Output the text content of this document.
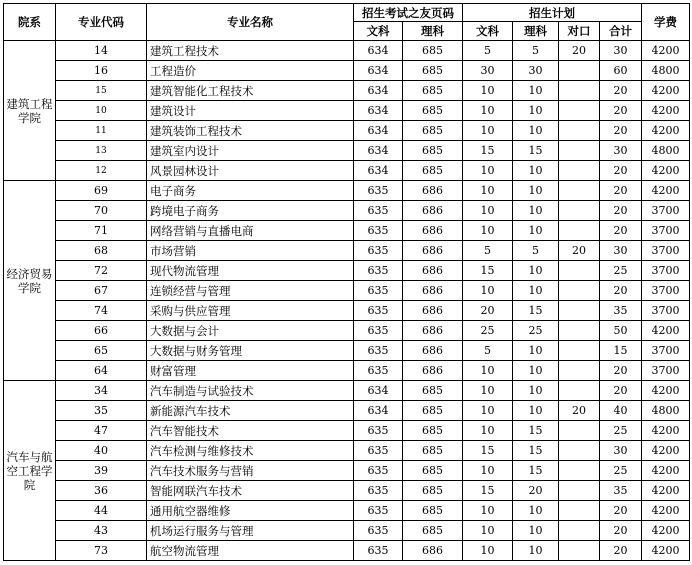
院系	专业代码	专业名称	招生考试之友页码		招生计划				学费
			文科	理科	文科	理科	对口	合计	
建筑工程学院	14	建筑工程技术	634	685	5	5	20	30	4200
	16	工程造价	634	685	30	30		60	4800
	15	建筑智能化工程技术	634	685	10	10		20	4200
	10	建筑设计	634	685	10	10		20	4200
	11	建筑装饰工程技术	634	685	10	10		20	4200
	13	建筑室内设计	634	685	15	15		30	4800
	12	风景园林设计	634	685	10	10		20	4200
经济贸易学院	69	电子商务	635	686	10	10		20	4200
	70	跨境电子商务	635	686	10	10		20	3700
	71	网络营销与直播电商	635	686	10	10		20	3700
	68	市场营销	635	686	5	5	20	30	3700
	72	现代物流管理	635	686	15	10		25	3700
	67	连锁经营与管理	635	686	10	10		20	3700
	74	采购与供应管理	635	686	20	15		35	3700
	66	大数据与会计	635	686	25	25		50	4200
	65	大数据与财务管理	635	686	5	10		15	3700
	64	财富管理	635	686	10	10		20	3700
汽车与航空工程学院	34	汽车制造与试验技术	634	685	10	10		20	4200
	35	新能源汽车技术	634	685	10	10	20	40	4800
	47	汽车智能技术	635	685	10	15		25	4200
	40	汽车检测与维修技术	635	685	15	15		30	4200
	39	汽车技术服务与营销	635	685	10	15		25	4200
	36	智能网联汽车技术	635	685	15	20		35	4200
	44	通用航空器维修	635	685	10	10		20	4200
	43	机场运行服务与管理	635	685	10	10		20	4200
	73	航空物流管理	635	686	10	10		20	4200
